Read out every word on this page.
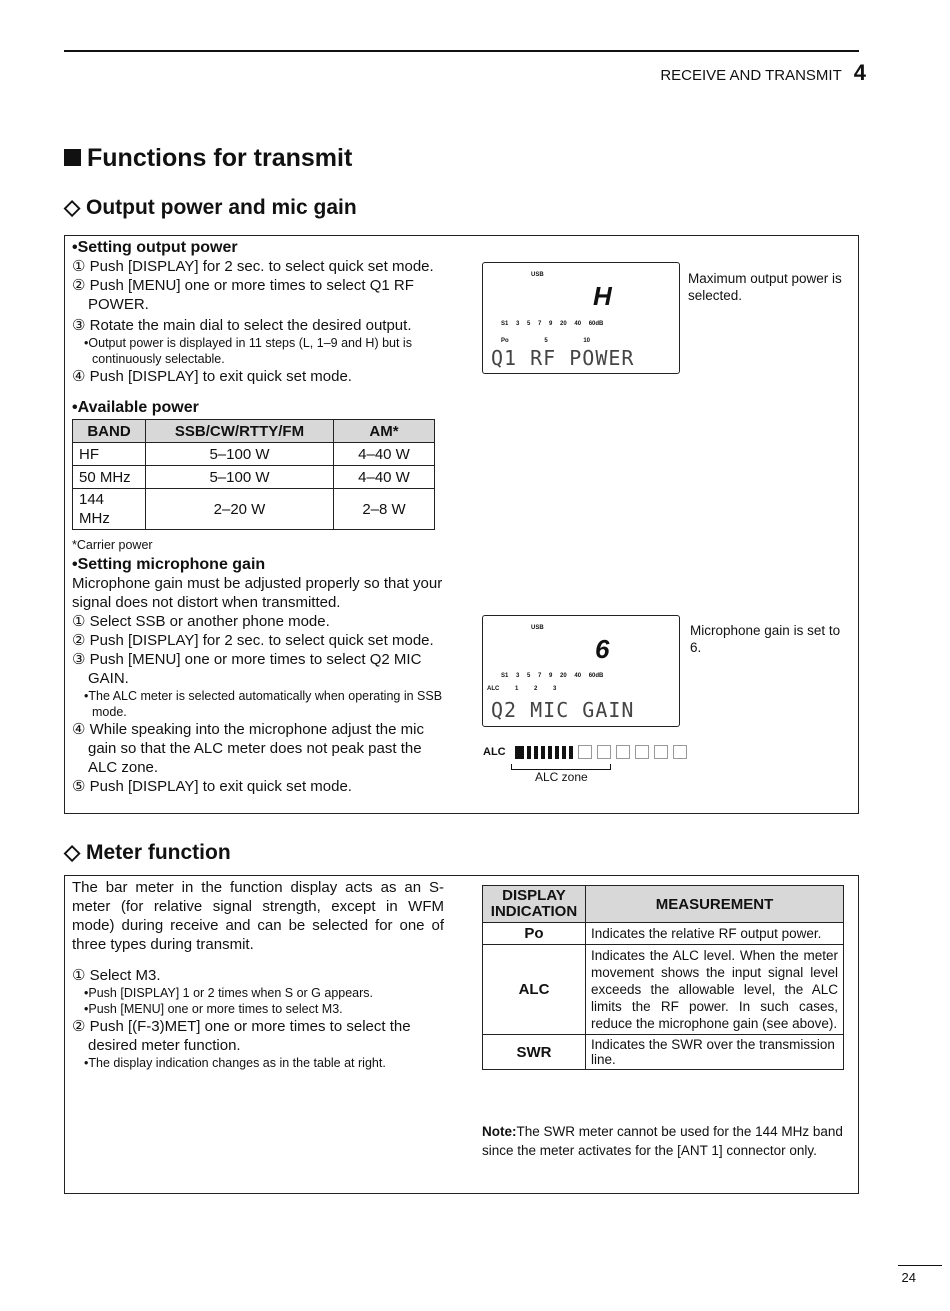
RECEIVE AND TRANSMIT 4
Functions for transmit
◇ Output power and mic gain

•Setting output power

① Push [DISPLAY] for 2 sec. to select quick set mode.

② Push [MENU] one or more times to select Q1 RF POWER.

③ Rotate the main dial to select the desired output.

•Output power is displayed in 11 steps (L, 1–9 and H) but is continuously selectable.

④ Push [DISPLAY] to exit quick set mode.

•Available power

BAND	SSB/CW/RTTY/FM	AM*
HF	5–100 W	4–40 W
50 MHz	5–100 W	4–40 W
144 MHz	2–20 W	2–8 W

*Carrier power

•Setting microphone gain

Microphone gain must be adjusted properly so that your signal does not distort when transmitted.

① Select SSB or another phone mode.

② Push [DISPLAY] for 2 sec. to select quick set mode.

③ Push [MENU] one or more times to select Q2 MIC GAIN.

•The ALC meter is selected automatically when operating in SSB mode.

④ While speaking into the microphone adjust the mic gain so that the ALC meter does not peak past the ALC zone.

⑤ Push [DISPLAY] to exit quick set mode.

USB
H
S1 3 5 7 9 20 40 60dB
Po 5 10
Q1 RF POWER
Maximum output power is selected.
USB
6
S1 3 5 7 9 20 40 60dB
ALC 1 2 3
Q2 MIC GAIN
Microphone gain is set to 6.
ALC
ALC zone
◇ Meter function

The bar meter in the function display acts as an S-meter (for relative signal strength, except in WFM mode) during receive and can be selected for one of three types during transmit.

① Select M3.

•Push [DISPLAY] 1 or 2 times when S or G appears.

•Push [MENU] one or more times to select M3.

② Push [(F-3)MET] one or more times to select the desired meter function.

•The display indication changes as in the table at right.

DISPLAY INDICATION	MEASUREMENT
Po	Indicates the relative RF output power.
ALC	Indicates the ALC level. When the meter movement shows the input signal level exceeds the allowable level, the ALC limits the RF power. In such cases, reduce the microphone gain (see above).
SWR	Indicates the SWR over the transmission line.
Note:The SWR meter cannot be used for the 144 MHz band since the meter activates for the [ANT 1] connector only.
24
